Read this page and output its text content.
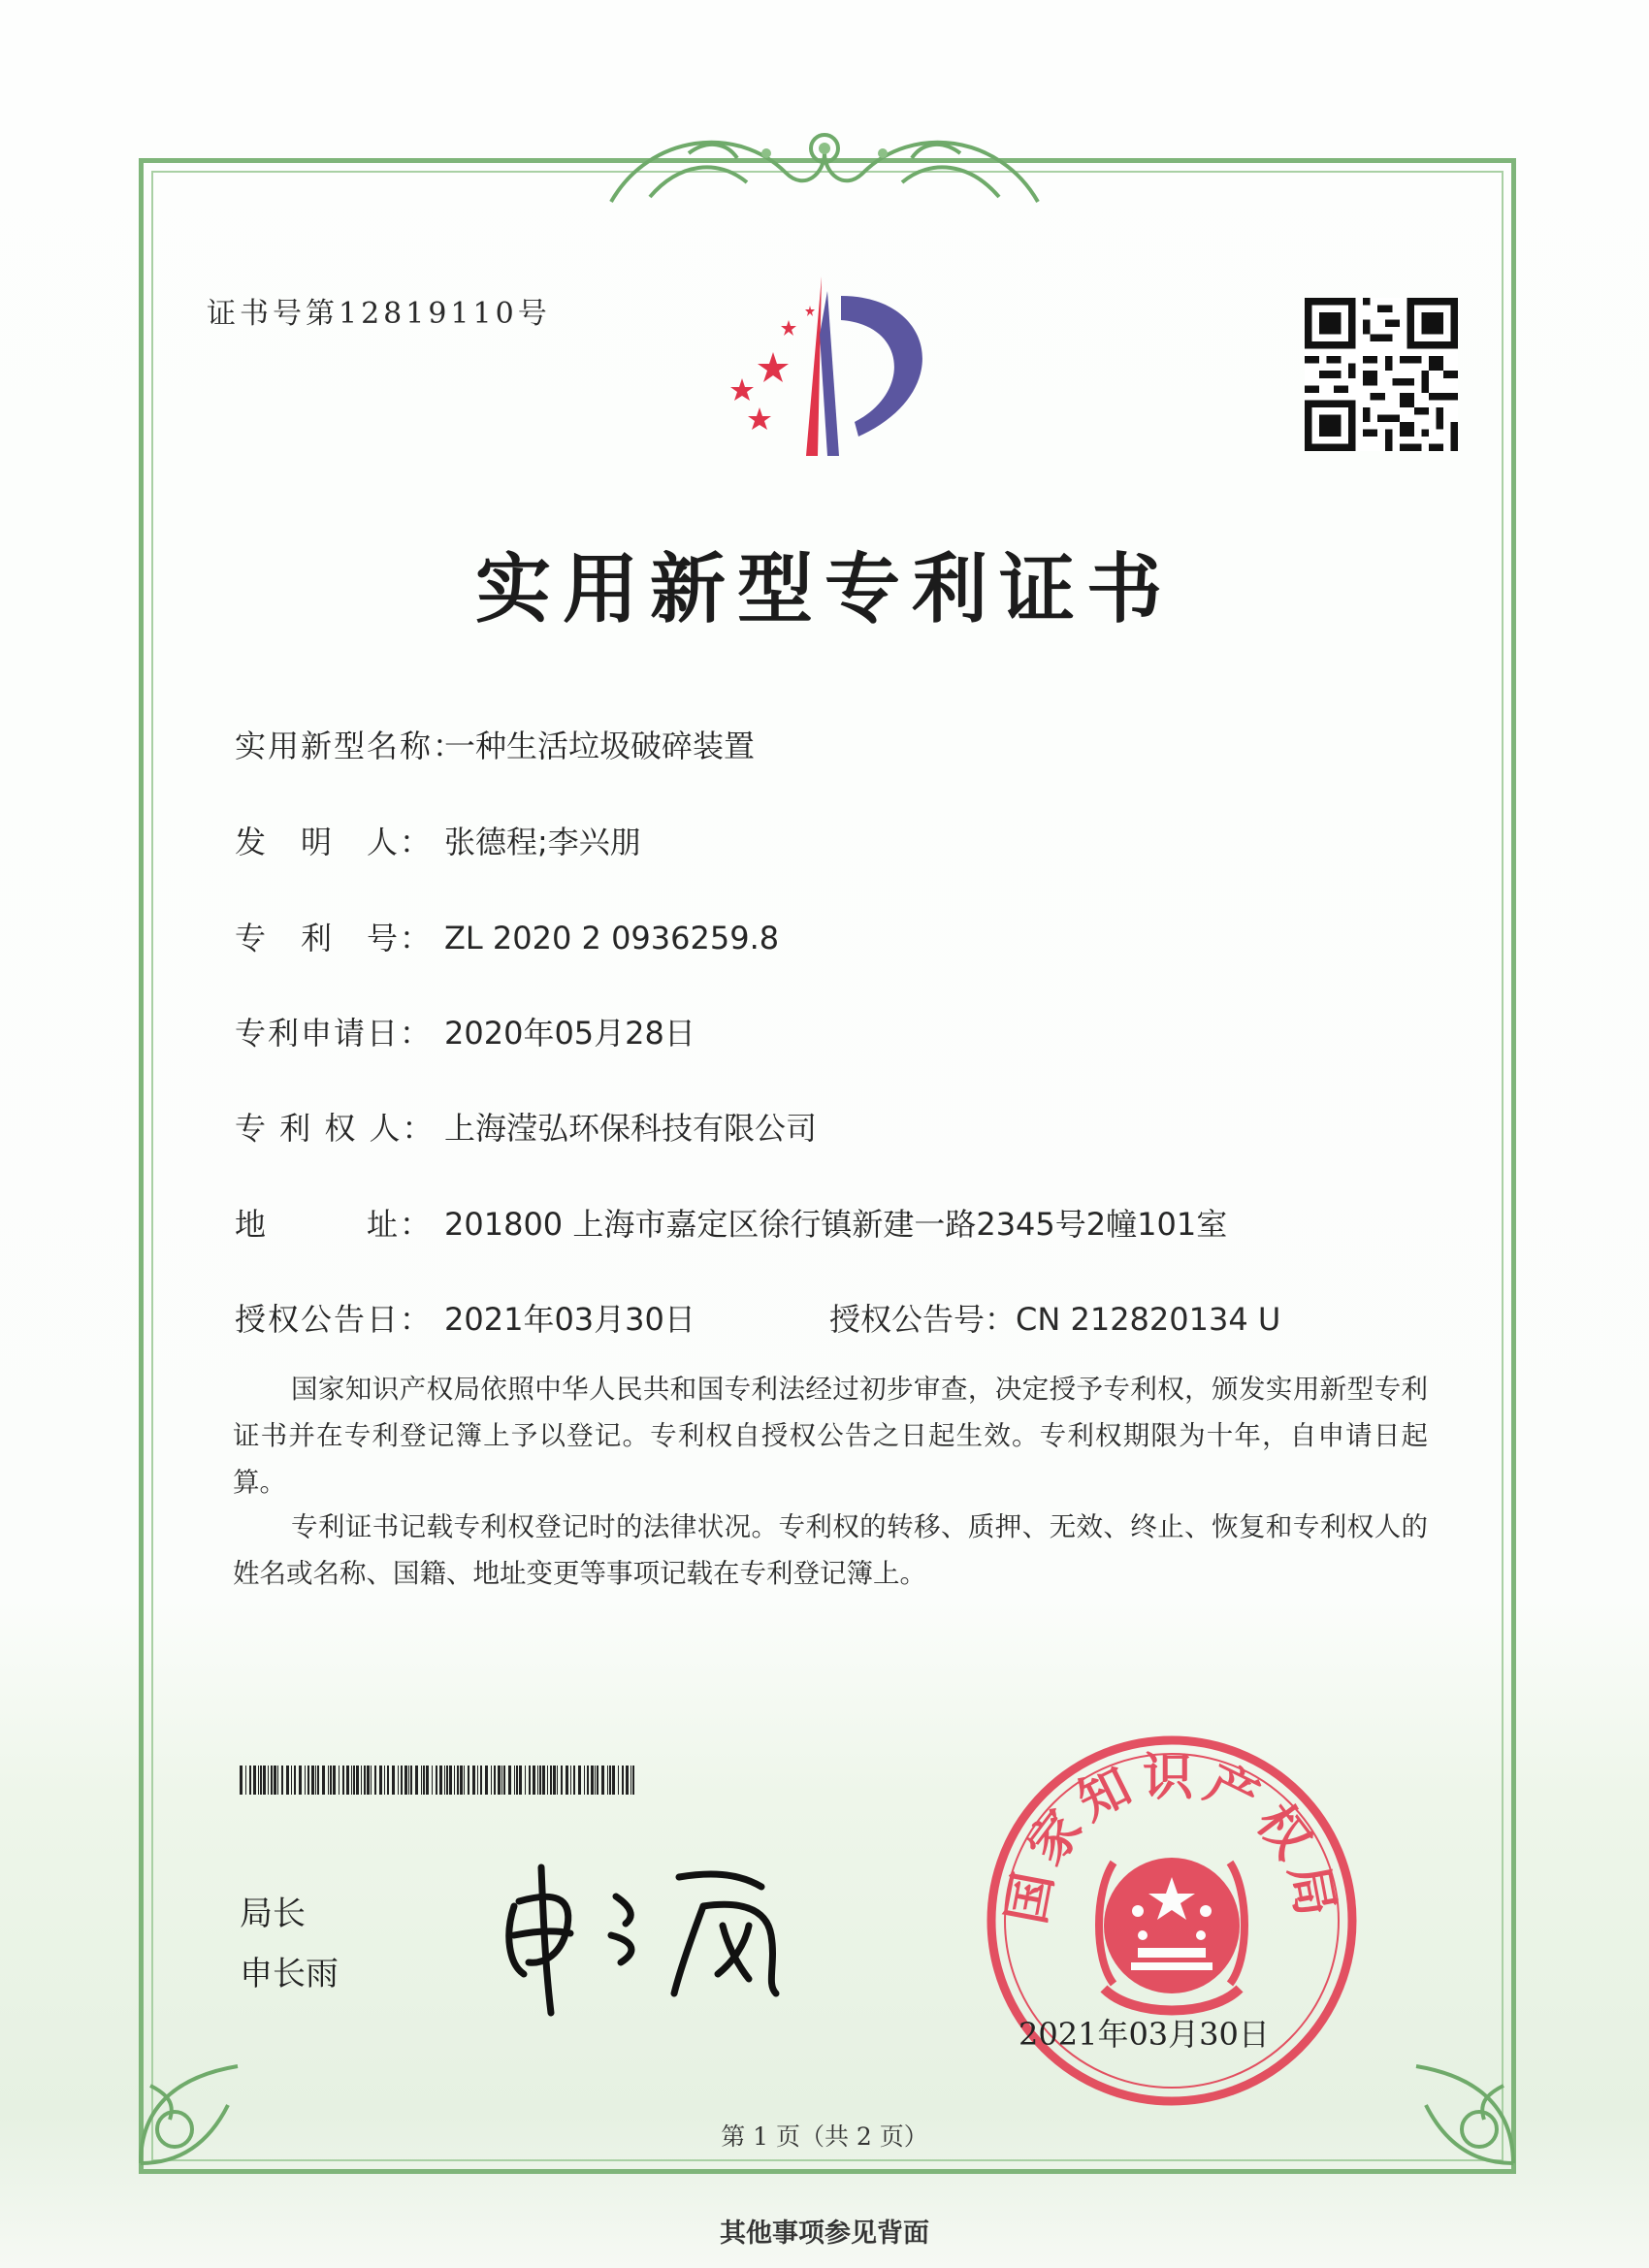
证书号第12819110号
实用新型专利证书
实用新型名称：一种生活垃圾破碎装置
发　明　人： 张德程;李兴朋
专　利　号： ZL 2020 2 0936259.8
专利申请日： 2020年05月28日
专 利 权 人： 上海滢弘环保科技有限公司
地　　　址： 201800 上海市嘉定区徐行镇新建一路2345号2幢101室
授权公告日： 2021年03月30日	授权公告号：CN 212820134 U
国家知识产权局依照中华人民共和国专利法经过初步审查，决定授予专利权，颁发实用新型专利证书并在专利登记簿上予以登记。专利权自授权公告之日起生效。专利权期限为十年，自申请日起算。
专利证书记载专利权登记时的法律状况。专利权的转移、质押、无效、终止、恢复和专利权人的姓名或名称、国籍、地址变更等事项记载在专利登记簿上。
局长
申长雨
国家知识产权局
2021年03月30日
第 1 页（共 2 页）
其他事项参见背面
